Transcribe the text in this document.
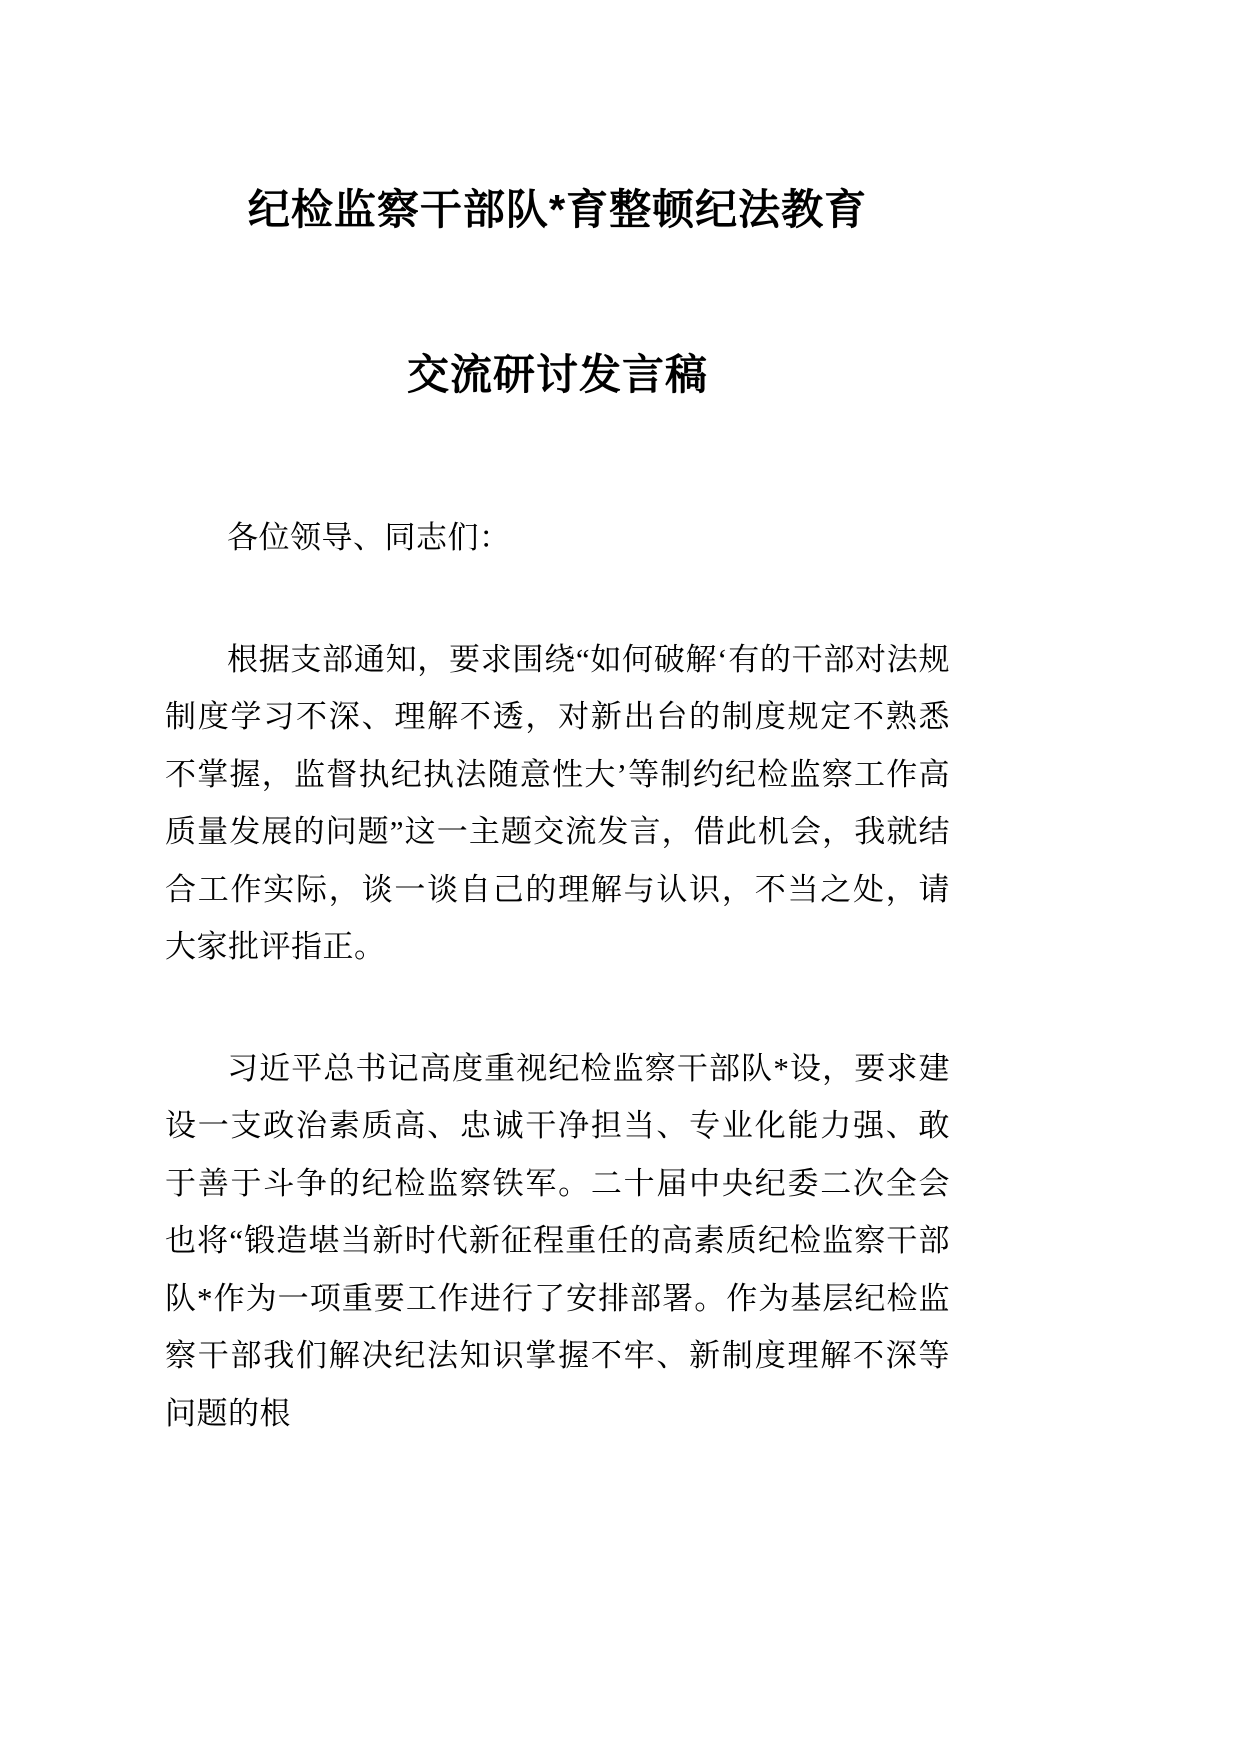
纪检监察干部队*育整顿纪法教育
交流研讨发言稿

各位领导、同志们：

根据支部通知，要求围绕“如何破解‘有的干部对法规制度学习不深、理解不透，对新出台的制度规定不熟悉不掌握，监督执纪执法随意性大’等制约纪检监察工作高质量发展的问题”这一主题交流发言，借此机会，我就结合工作实际，谈一谈自己的理解与认识，不当之处，请大家批评指正。

习近平总书记高度重视纪检监察干部队*设，要求建设一支政治素质高、忠诚干净担当、专业化能力强、敢于善于斗争的纪检监察铁军。二十届中央纪委二次全会也将“锻造堪当新时代新征程重任的高素质纪检监察干部队*作为一项重要工作进行了安排部署。作为基层纪检监察干部我们解决纪法知识掌握不牢、新制度理解不深等问题的根
